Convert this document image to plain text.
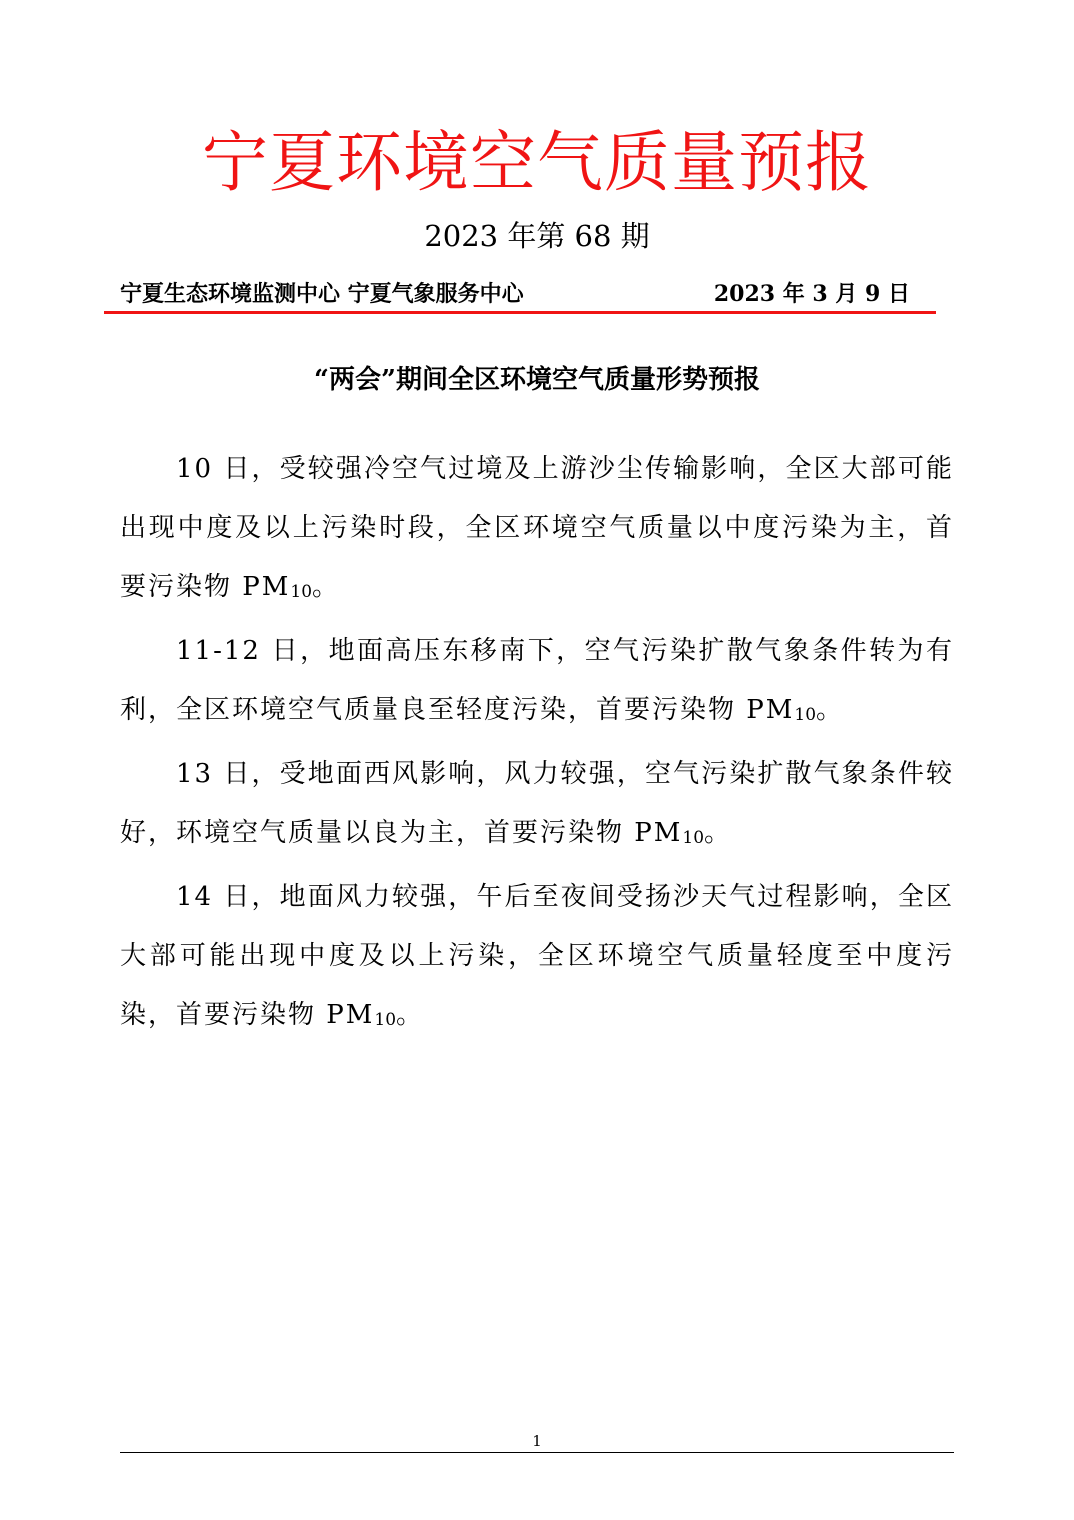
宁夏环境空气质量预报
2023 年第 68 期
宁夏生态环境监测中心 宁夏气象服务中心	2023 年 3 月 9 日
“两会”期间全区环境空气质量形势预报

10 日，受较强冷空气过境及上游沙尘传输影响，全区大部可能出现中度及以上污染时段，全区环境空气质量以中度污染为主，首要污染物 $PM_{10}$。

11-12 日，地面高压东移南下，空气污染扩散气象条件转为有利，全区环境空气质量良至轻度污染，首要污染物 $PM_{10}$。

13 日，受地面西风影响，风力较强，空气污染扩散气象条件较好，环境空气质量以良为主，首要污染物 $PM_{10}$。

14 日，地面风力较强，午后至夜间受扬沙天气过程影响，全区大部可能出现中度及以上污染，全区环境空气质量轻度至中度污染，首要污染物 $PM_{10}$。

1
